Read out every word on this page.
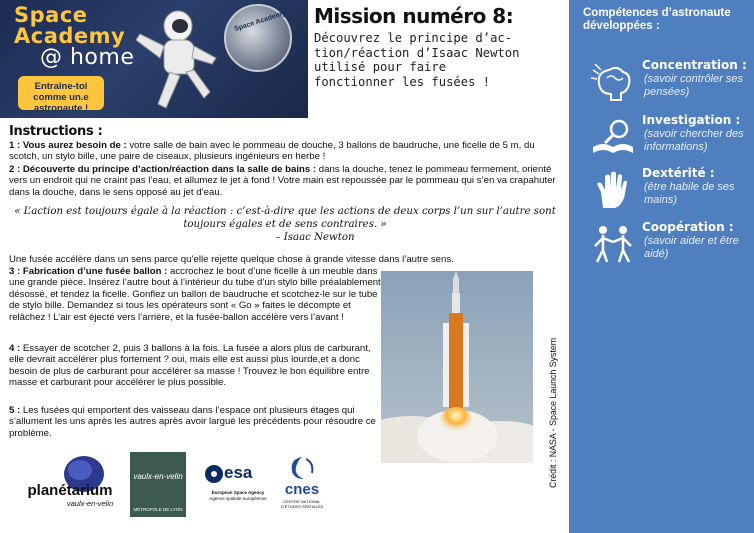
Space
Academy
@ home
Entraîne-toi
comme un.e
astronaute !
Space Academy Mission numéro 8:
Découvrez le principe d’ac-tion/réaction d’Isaac Newton utilisé pour faire fonctionner les fusées !
Compétences d’astronaute développées :
Concentration :
(savoir contrôler ses pensées)
Investigation :
(savoir chercher des informations)
Dextérité :
(être habile de ses mains)
Coopération :
(savoir aider et être aidé)
Instructions :
1 : Vous aurez besoin de : votre salle de bain avec le pommeau de douche, 3 ballons de baudruche, une ficelle de 5 m, du scotch, un stylo bille, une paire de ciseaux, plusieurs ingénieurs en herbe !
2 : Découverte du principe d’action/réaction dans la salle de bains : dans la douche, tenez le pommeau fermement, orienté vers un endroit qui ne craint pas l’eau, et allumez le jet à fond ! Votre main est repoussée par le pommeau qui s’en va crapahuter dans la douche, dans le sens opposé au jet d’eau.
« L’action est toujours égale à la réaction : c’est-à-dire que les actions de deux corps l’un sur l’autre sont toujours égales et de sens contraires. »
– Isaac Newton
Une fusée accélère dans un sens parce qu’elle rejette quelque chose à grande vitesse dans l’autre sens.
3 : Fabrication d’une fusée ballon : accrochez le bout d’une ficelle à un meuble dans une grande pièce. Insérez l’autre bout à l’intérieur du tube d’un stylo bille préalablement désossé, et tendez la ficelle. Gonflez un ballon de baudruche et scotchez-le sur le tube de stylo bille. Demandez si tous les opérateurs sont « Go » faites le décompte et relâchez ! L’air est éjecté vers l’arrière, et la fusée-ballon accélère vers l’avant !
4 : Essayer de scotcher 2, puis 3 ballons à la fois. La fusée a alors plus de carburant, elle devrait accélérer plus fortement ? oui, mais elle est aussi plus lourde,et a donc besoin de plus de carburant pour accélérer sa masse ! Trouvez le bon équilibre entre masse et carburant pour accélérer le plus possible.
5 : Les fusées qui emportent des vaisseau dans l’espace ont plusieurs étages qui s’allument les uns après les autres après avoir largué les précédents pour résoudre ce problème.	Crédit : NASA - Space Launch System
planétarium
vaulx-en-velin
vaulx-en-velin
MÉTROPOLE DE LYON
esa
European Space Agency
Agence spatiale européenne
cnes
CENTRE NATIONAL D’ÉTUDES SPATIALES
